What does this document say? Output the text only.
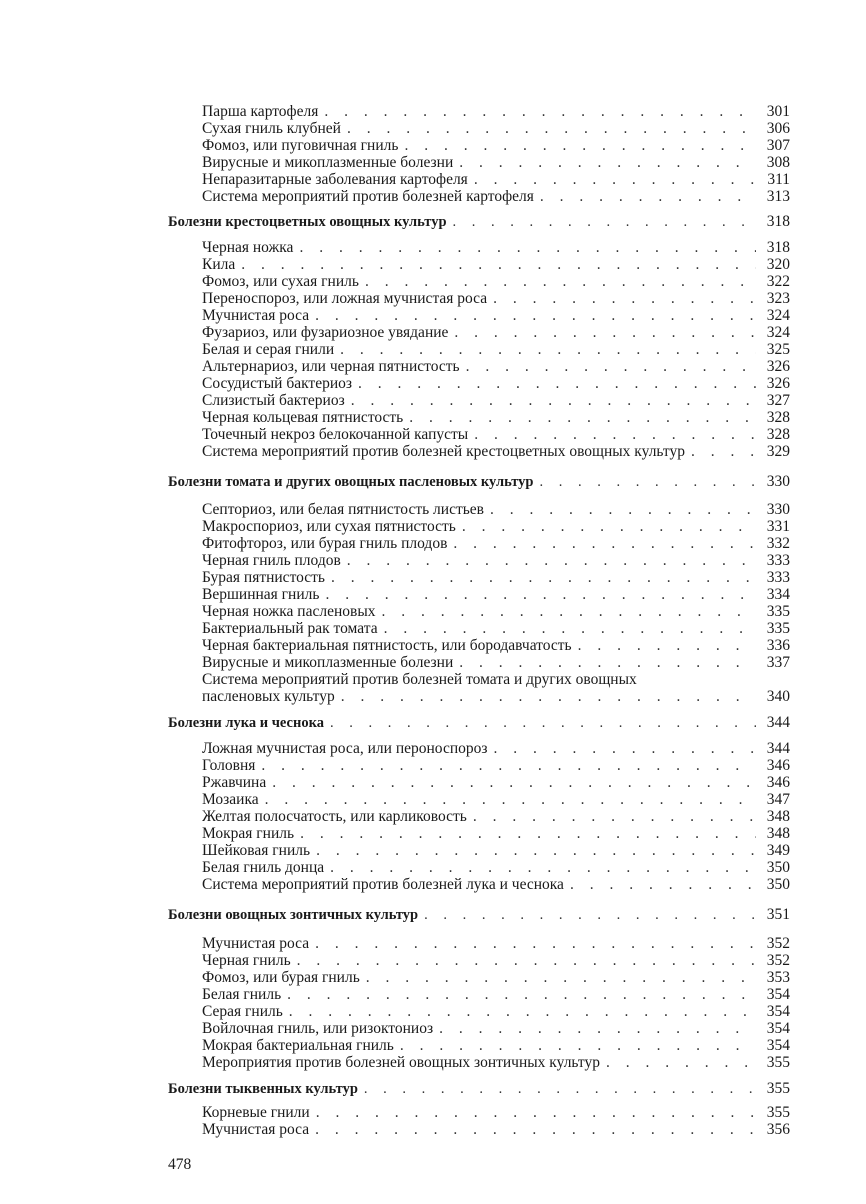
Парша картофеля . . .	301
Сухая гниль клубней . . .	306
Фомоз, или пуговичная гниль . . .	307
Вирусные и микоплазменные болезни . . .	308
Непаразитарные заболевания картофеля . . .	311
Система мероприятий против болезней картофеля . . .	313
Болезни крестоцветных овощных культур . . .	318
Черная ножка . . .	318
Кила . . .	320
Фомоз, или сухая гниль . . .	322
Переноспороз, или ложная мучнистая роса . . .	323
Мучнистая роса . . .	324
Фузариоз, или фузариозное увядание . . .	324
Белая и серая гнили . . .	325
Альтернариоз, или черная пятнистость . . .	326
Сосудистый бактериоз . . .	326
Слизистый бактериоз . . .	327
Черная кольцевая пятнистость . . .	328
Точечный некроз белокочанной капусты . . .	328
Система мероприятий против болезней крестоцветных овощных культур . . .	329
Болезни томата и других овощных пасленовых культур . . .	330
Септориоз, или белая пятнистость листьев . . .	330
Макроспориоз, или сухая пятнистость . . .	331
Фитофтороз, или бурая гниль плодов . . .	332
Черная гниль плодов . . .	333
Бурая пятнистость . . .	333
Вершинная гниль . . .	334
Черная ножка пасленовых . . .	335
Бактериальный рак томата . . .	335
Черная бактериальная пятнистость, или бородавчатость . . .	336
Вирусные и микоплазменные болезни . . .	337
Система мероприятий против болезней томата и других овощных
пасленовых культур . . .	340
Болезни лука и чеснока . . .	344
Ложная мучнистая роса, или пероноспороз . . .	344
Головня . . .	346
Ржавчина . . .	346
Мозаика . . .	347
Желтая полосчатость, или карликовость . . .	348
Мокрая гниль . . .	348
Шейковая гниль . . .	349
Белая гниль донца . . .	350
Система мероприятий против болезней лука и чеснока . . .	350
Болезни овощных зонтичных культур . . .	351
Мучнистая роса . . .	352
Черная гниль . . .	352
Фомоз, или бурая гниль . . .	353
Белая гниль . . .	354
Серая гниль . . .	354
Войлочная гниль, или ризоктониоз . . .	354
Мокрая бактериальная гниль . . .	354
Мероприятия против болезней овощных зонтичных культур . . .	355
Болезни тыквенных культур . . .	355
Корневые гнили . . .	355
Мучнистая роса . . .	356
478
